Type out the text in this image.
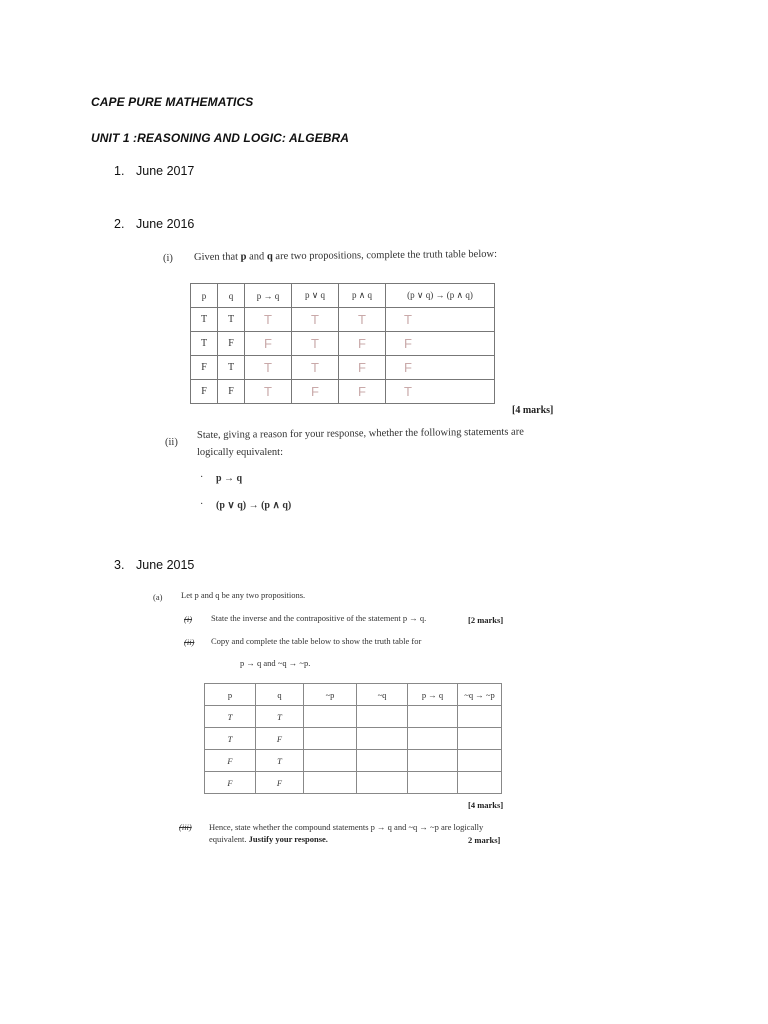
CAPE PURE MATHEMATICS
UNIT 1 :REASONING AND LOGIC: ALGEBRA
1. June 2017
2. June 2016
(i) Given that p and q are two propositions, complete the truth table below:
p	q	p → q	p ∨ q	p ∧ q	(p ∨ q) → (p ∧ q)
T	T	T	T	T	T
T	F	F	T	F	F
F	T	T	T	F	F
F	F	T	F	F	T
[4 marks]
(ii)
State, giving a reason for your response, whether the following statements are
logically equivalent:
· p → q
· (p ∨ q) → (p ∧ q)
3. June 2015
(a) Let p and q be any two propositions.
(i) State the inverse and the contrapositive of the statement p → q.	[2 marks]
(ii) Copy and complete the table below to show the truth table for
p → q and ~q → ~p.
p	q	~p	~q	p → q	~q → ~p
T	T				
T	F				
F	T				
F	F				
[4 marks]
(iii) Hence, state whether the compound statements p → q and ~q → ~p are logically
equivalent. Justify your response.	2 marks]
